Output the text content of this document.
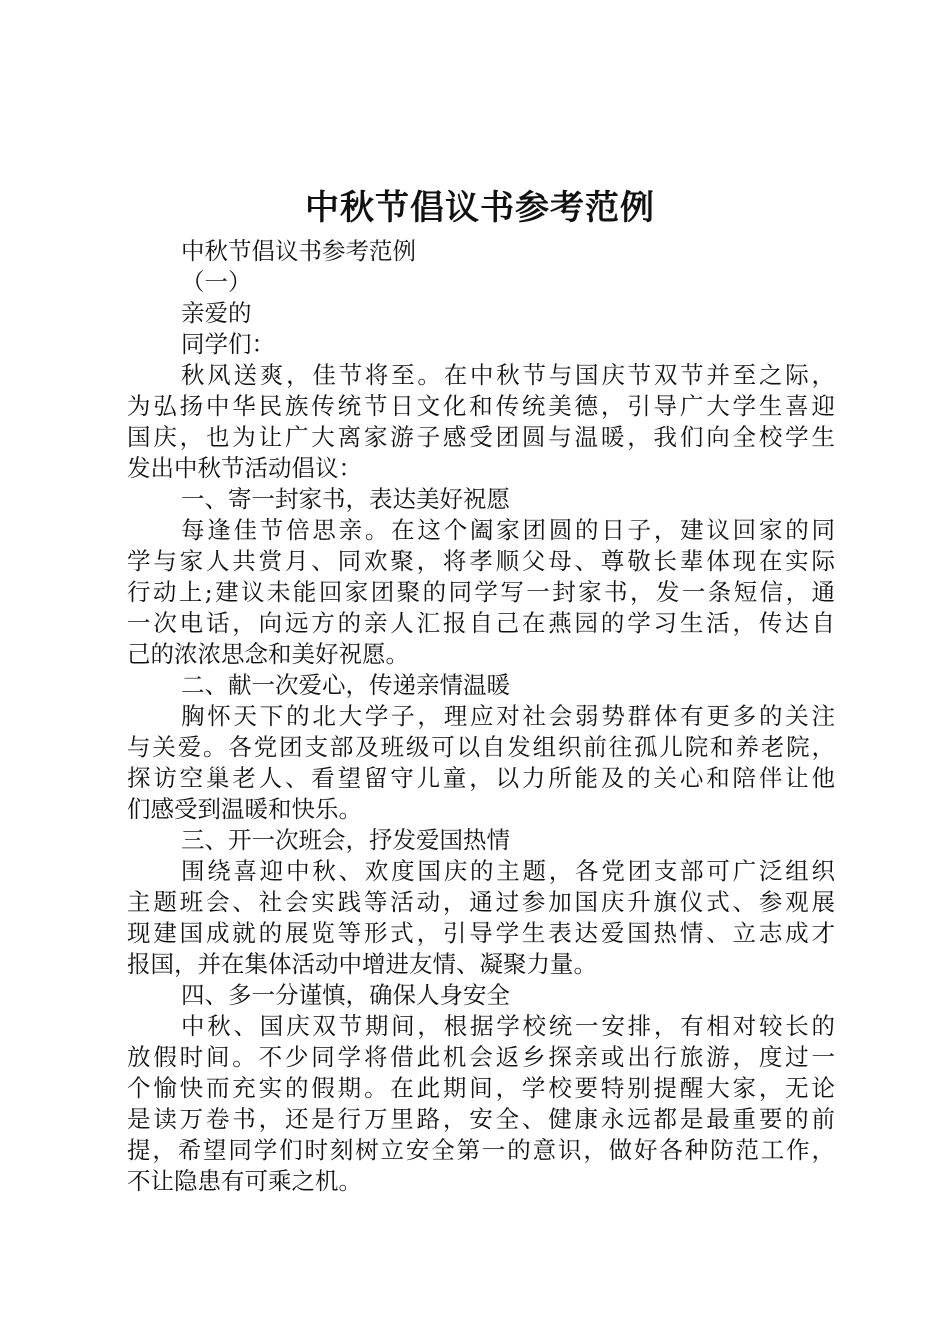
中秋节倡议书参考范例

中秋节倡议书参考范例

（一）

亲爱的

同学们：

秋风送爽，佳节将至。在中秋节与国庆节双节并至之际，

为弘扬中华民族传统节日文化和传统美德，引导广大学生喜迎

国庆，也为让广大离家游子感受团圆与温暖，我们向全校学生

发出中秋节活动倡议：

一、寄一封家书，表达美好祝愿

每逢佳节倍思亲。在这个阖家团圆的日子，建议回家的同

学与家人共赏月、同欢聚，将孝顺父母、尊敬长辈体现在实际

行动上;建议未能回家团聚的同学写一封家书，发一条短信，通

一次电话，向远方的亲人汇报自己在燕园的学习生活，传达自

己的浓浓思念和美好祝愿。

二、献一次爱心，传递亲情温暖

胸怀天下的北大学子，理应对社会弱势群体有更多的关注

与关爱。各党团支部及班级可以自发组织前往孤儿院和养老院，

探访空巢老人、看望留守儿童，以力所能及的关心和陪伴让他

们感受到温暖和快乐。

三、开一次班会，抒发爱国热情

围绕喜迎中秋、欢度国庆的主题，各党团支部可广泛组织

主题班会、社会实践等活动，通过参加国庆升旗仪式、参观展

现建国成就的展览等形式，引导学生表达爱国热情、立志成才

报国，并在集体活动中增进友情、凝聚力量。

四、多一分谨慎，确保人身安全

中秋、国庆双节期间，根据学校统一安排，有相对较长的

放假时间。不少同学将借此机会返乡探亲或出行旅游，度过一

个愉快而充实的假期。在此期间，学校要特别提醒大家，无论

是读万卷书，还是行万里路，安全、健康永远都是最重要的前

提，希望同学们时刻树立安全第一的意识，做好各种防范工作，

不让隐患有可乘之机。
